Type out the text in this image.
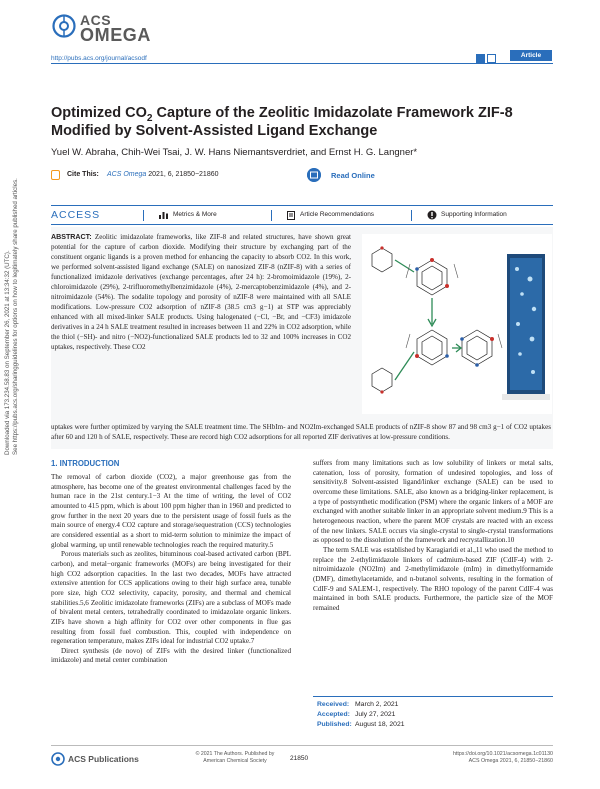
Downloaded via 173.234.58.83 on September 26, 2021 at 13:34:32 (UTC). See https://pubs.acs.org/sharingguidelines for options on how to legitimately share published articles.
ACS
OMEGA
http://pubs.acs.org/journal/acsodf	Article
Optimized $CO_2$ Capture of the Zeolitic Imidazolate Framework ZIF-8 Modified by Solvent-Assisted Ligand Exchange
Yuel W. Abraha, Chih-Wei Tsai, J. W. Hans Niemantsverdriet, and Ernst H. G. Langner*
Cite This: ACS Omega 2021, 6, 21850−21860	Read Online
ACCESS	Metrics & More	Article Recommendations	Supporting Information
ABSTRACT: Zeolitic imidazolate frameworks, like ZIF-8 and related structures, have shown great potential for the capture of carbon dioxide. Modifying their structure by exchanging part of the constituent organic ligands is a proven method for enhancing the capacity to absorb CO2. In this work, we performed solvent-assisted ligand exchange (SALE) on nanosized ZIF-8 (nZIF-8) with a series of functionalized imidazole derivatives (exchange percentages, after 24 h): 2-bromoimidazole (19%), 2-chloroimidazole (29%), 2-trifluoromethylbenzimidazole (4%), 2-mercaptobenzimidazole (4%), and 2-nitroimidazole (54%). The sodalite topology and porosity of nZIF-8 were maintained with all SALE modifications. Low-pressure CO2 adsorption of nZIF-8 (38.5 cm3 g−1) at STP was appreciably enhanced with all mixed-linker SALE products. Using halogenated (−Cl, −Br, and −CF3) imidazole derivatives in a 24 h SALE treatment resulted in increases between 11 and 22% in CO2 adsorption, while the thiol (−SH)- and nitro (−NO2)-functionalized SALE products led to 32 and 100% increases in CO2 uptakes, respectively. These CO2
uptakes were further optimized by varying the SALE treatment time. The SHbIm- and NO2Im-exchanged SALE products of nZIF-8 show 87 and 98 cm3 g−1 of CO2 uptakes after 60 and 120 h of SALE, respectively. These are record high CO2 adsorptions for all reported ZIF derivatives at low-pressure conditions.
1. INTRODUCTION

The removal of carbon dioxide (CO2), a major greenhouse gas from the atmosphere, has become one of the greatest environmental challenges faced by the human race in the 21st century.1−3 At the time of writing, the level of CO2 amounted to 415 ppm, which is about 100 ppm higher than in 1960 and predicted to grow further in the next 20 years due to the persistent usage of fossil fuels as the main source of energy.4 CO2 capture and storage/sequestration (CCS) technologies are considered essential as a short to mid-term solution to minimize the impact of global warming, up until renewable technologies reach the required maturity.5

Porous materials such as zeolites, bituminous coal-based activated carbon (BPL carbon), and metal−organic frameworks (MOFs) are being investigated for their high CO2 adsorption capacities. In the last two decades, MOFs have attracted extensive attention for CCS applications owing to their high surface area, tunable pore size, high CO2 selectivity, capacity, porosity, and thermal and chemical stabilities.5,6 Zeolitic imidazolate frameworks (ZIFs) are a subclass of MOFs made of bivalent metal centers, tetrahedrally coordinated to imidazolate organic linkers. ZIFs have shown a high affinity for CO2 over other components in flue gas resulting from fossil fuel combustion. This, coupled with independence on regeneration temperature, makes ZIFs ideal for industrial CO2 uptake.7

Direct synthesis (de novo) of ZIFs with the desired linker (functionalized imidazole) and metal center combination

suffers from many limitations such as low solubility of linkers or metal salts, catenation, loss of porosity, formation of undesired topologies, and loss of sensitivity.8 Solvent-assisted ligand/linker exchange (SALE) can be used to overcome these limitations. SALE, also known as a bridging-linker replacement, is a type of postsynthetic modification (PSM) where the organic linkers of a MOF are exchanged with another suitable linker in an appropriate solvent medium.9 This is a heterogeneous reaction, where the parent MOF crystals are reacted with an excess of the new linkers. SALE occurs via single-crystal to single-crystal transformations as opposed to the dissolution of the framework and recrystallization.10

The term SALE was established by Karagiaridi et al.,11 who used the method to replace the 2-ethylimidazole linkers of cadmium-based ZIF (CdIF-4) with 2-nitroimidazole (NO2Im) and 2-methylimidazole (mIm) in dimethylformamide (DMF), dimethylacetamide, and n-butanol solvents, resulting in the formation of CdIF-9 and SALEM-1, respectively. The RHO topology of the parent CdIF-4 was maintained in both SALE products. Furthermore, the particle size of the MOF remained

Received: March 2, 2021
Accepted: July 27, 2021
Published: August 18, 2021
ACS Publications	© 2021 The Authors. Published by American Chemical Society	21850
https://doi.org/10.1021/acsomega.1c01130
ACS Omega 2021, 6, 21850−21860
